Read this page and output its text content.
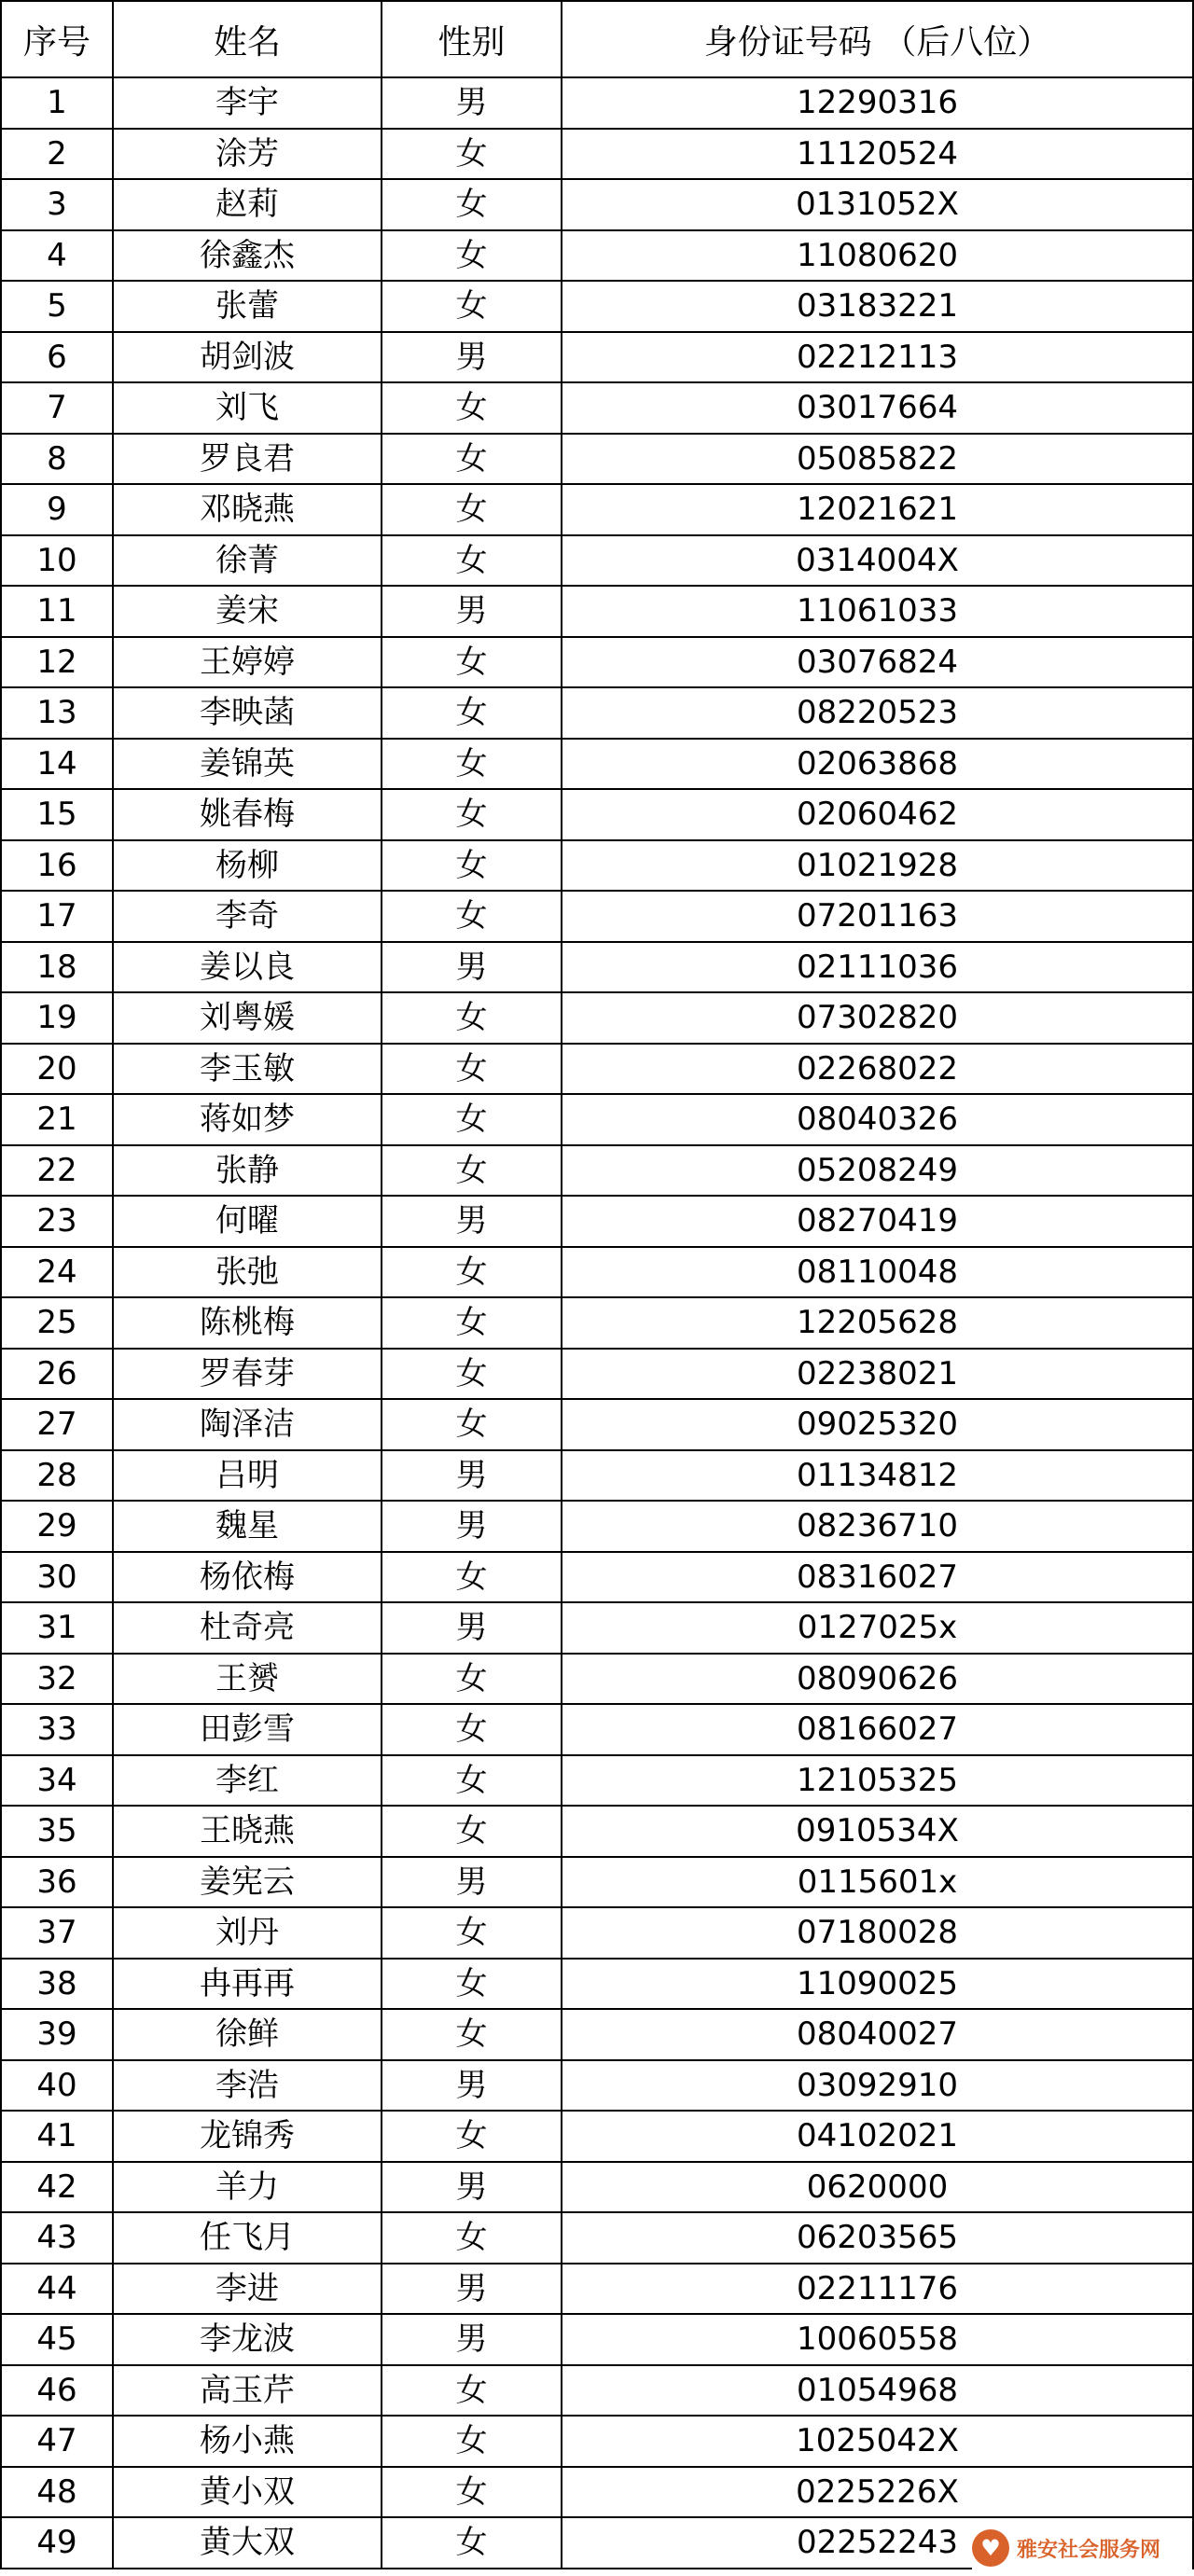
序号	姓名	性别	身份证号码 （后八位）
1	李宇	男	12290316
2	涂芳	女	11120524
3	赵莉	女	0131052X
4	徐鑫杰	女	11080620
5	张蕾	女	03183221
6	胡剑波	男	02212113
7	刘飞	女	03017664
8	罗良君	女	05085822
9	邓晓燕	女	12021621
10	徐菁	女	0314004X
11	姜宋	男	11061033
12	王婷婷	女	03076824
13	李映菡	女	08220523
14	姜锦英	女	02063868
15	姚春梅	女	02060462
16	杨柳	女	01021928
17	李奇	女	07201163
18	姜以良	男	02111036
19	刘粤媛	女	07302820
20	李玉敏	女	02268022
21	蒋如梦	女	08040326
22	张静	女	05208249
23	何曜	男	08270419
24	张弛	女	08110048
25	陈桃梅	女	12205628
26	罗春芽	女	02238021
27	陶泽洁	女	09025320
28	吕明	男	01134812
29	魏星	男	08236710
30	杨依梅	女	08316027
31	杜奇亮	男	0127025x
32	王赟	女	08090626
33	田彭雪	女	08166027
34	李红	女	12105325
35	王晓燕	女	0910534X
36	姜宪云	男	0115601x
37	刘丹	女	07180028
38	冉再再	女	11090025
39	徐鲜	女	08040027
40	李浩	男	03092910
41	龙锦秀	女	04102021
42	羊力	男	0620000
43	任飞月	女	06203565
44	李进	男	02211176
45	李龙波	男	10060558
46	高玉芹	女	01054968
47	杨小燕	女	1025042X
48	黄小双	女	0225226X
49	黄大双	女	02252243	♥ 雅安社会服务网
